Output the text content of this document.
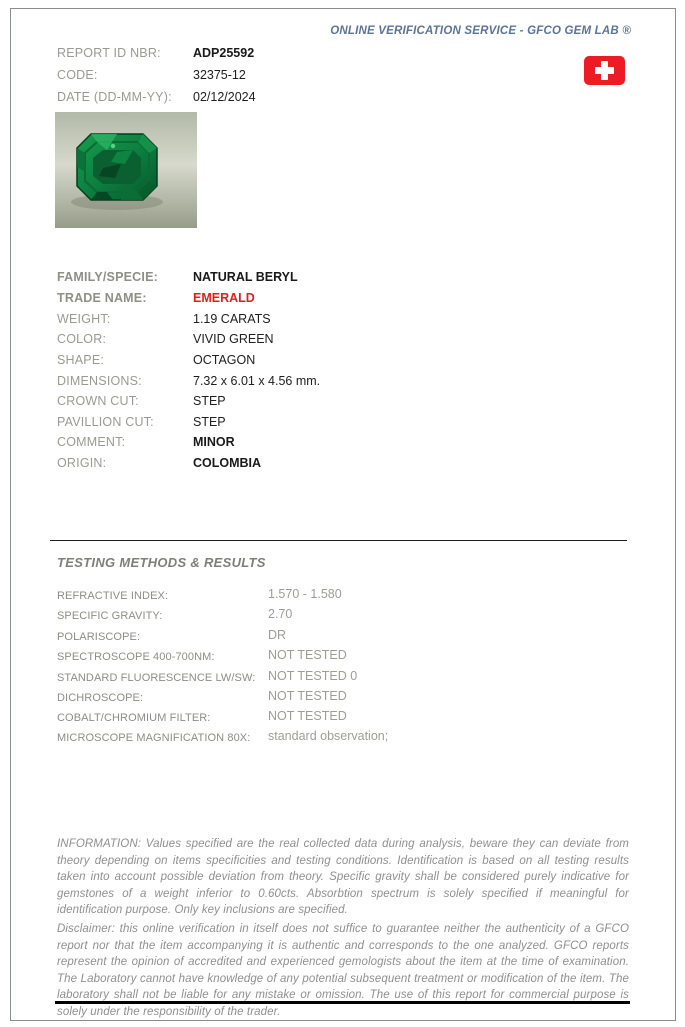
ONLINE VERIFICATION SERVICE - GFCO GEM LAB ®
REPORT ID NBR:	ADP25592
CODE:	32375-12
DATE (DD-MM-YY): 02/12/2024
FAMILY/SPECIE:	NATURAL BERYL
TRADE NAME:	EMERALD
WEIGHT:	1.19 CARATS
COLOR:	VIVID GREEN
SHAPE:	OCTAGON
DIMENSIONS:	7.32 x 6.01 x 4.56 mm.
CROWN CUT:	STEP
PAVILLION CUT:	STEP
COMMENT:	MINOR
ORIGIN:	COLOMBIA
TESTING METHODS & RESULTS
REFRACTIVE INDEX:	1.570 - 1.580
SPECIFIC GRAVITY:	2.70
POLARISCOPE:	DR
SPECTROSCOPE 400-700NM:	NOT TESTED
STANDARD FLUORESCENCE LW/SW: NOT TESTED 0
DICHROSCOPE:	NOT TESTED
COBALT/CHROMIUM FILTER:	NOT TESTED
MICROSCOPE MAGNIFICATION 80X: standard observation;

INFORMATION: Values specified are the real collected data during analysis, beware they can deviate from theory depending on items specificities and testing conditions. Identification is based on all testing results taken into account possible deviation from theory. Specific gravity shall be considered purely indicative for gemstones of a weight inferior to 0.60cts. Absorbtion spectrum is solely specified if meaningful for identification purpose. Only key inclusions are specified.

Disclaimer: this online verification in itself does not suffice to guarantee neither the authenticity of a GFCO report nor that the item accompanying it is authentic and corresponds to the one analyzed. GFCO reports represent the opinion of accredited and experienced gemologists about the item at the time of examination. The Laboratory cannot have knowledge of any potential subsequent treatment or modification of the item. The laboratory shall not be liable for any mistake or omission. The use of this report for commercial purpose is solely under the responsibility of the trader.
